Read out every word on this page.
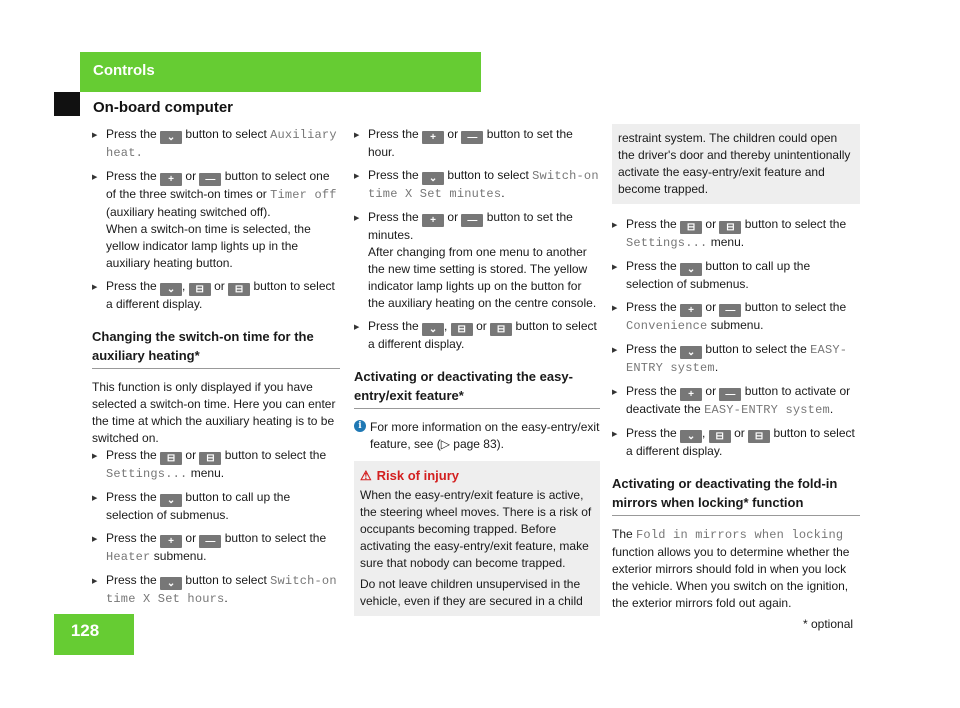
Controls
On-board computer

▶ Press the ⌄ button to select Auxiliary heat.

▶ Press the + or — button to select one of the three switch-on times or Timer off (auxiliary heating switched off).

When a switch-on time is selected, the yellow indicator lamp lights up in the auxiliary heating button.

▶ Press the ⌄ , ⊟ or ⊟ button to select a different display.

Changing the switch-on time for the auxiliary heating*

This function is only displayed if you have selected a switch-on time. Here you can enter the time at which the auxiliary heating is to be switched on.

▶ Press the ⊟ or ⊟ button to select the Settings... menu.

▶ Press the ⌄ button to call up the selection of submenus.

▶ Press the + or — button to select the Heater submenu.

▶ Press the ⌄ button to select Switch-on time X Set hours.

▶ Press the + or — button to set the hour.

▶ Press the ⌄ button to select Switch-on time X Set minutes.

▶ Press the + or — button to set the minutes.

After changing from one menu to another the new time setting is stored. The yellow indicator lamp lights up on the button for the auxiliary heating on the centre console.

▶ Press the ⌄ , ⊟ or ⊟ button to select a different display.

Activating or deactivating the easy-entry/exit feature*
i For more information on the easy-entry/exit feature, see (▷ page 83).
⚠ Risk of injury

When the easy-entry/exit feature is active, the steering wheel moves. There is a risk of occupants becoming trapped. Before activating the easy-entry/exit feature, make sure that nobody can become trapped.

Do not leave children unsupervised in the vehicle, even if they are secured in a child

restraint system. The children could open the driver's door and thereby unintentionally activate the easy-entry/exit feature and become trapped.

▶ Press the ⊟ or ⊟ button to select the Settings... menu.

▶ Press the ⌄ button to call up the selection of submenus.

▶ Press the + or — button to select the Convenience submenu.

▶ Press the ⌄ button to select the EASY-ENTRY system.

▶ Press the + or — button to activate or deactivate the EASY-ENTRY system.

▶ Press the ⌄ , ⊟ or ⊟ button to select a different display.

Activating or deactivating the fold-in mirrors when locking* function

The Fold in mirrors when locking function allows you to determine whether the exterior mirrors should fold in when you lock the vehicle. When you switch on the ignition, the exterior mirrors fold out again.

128	* optional
